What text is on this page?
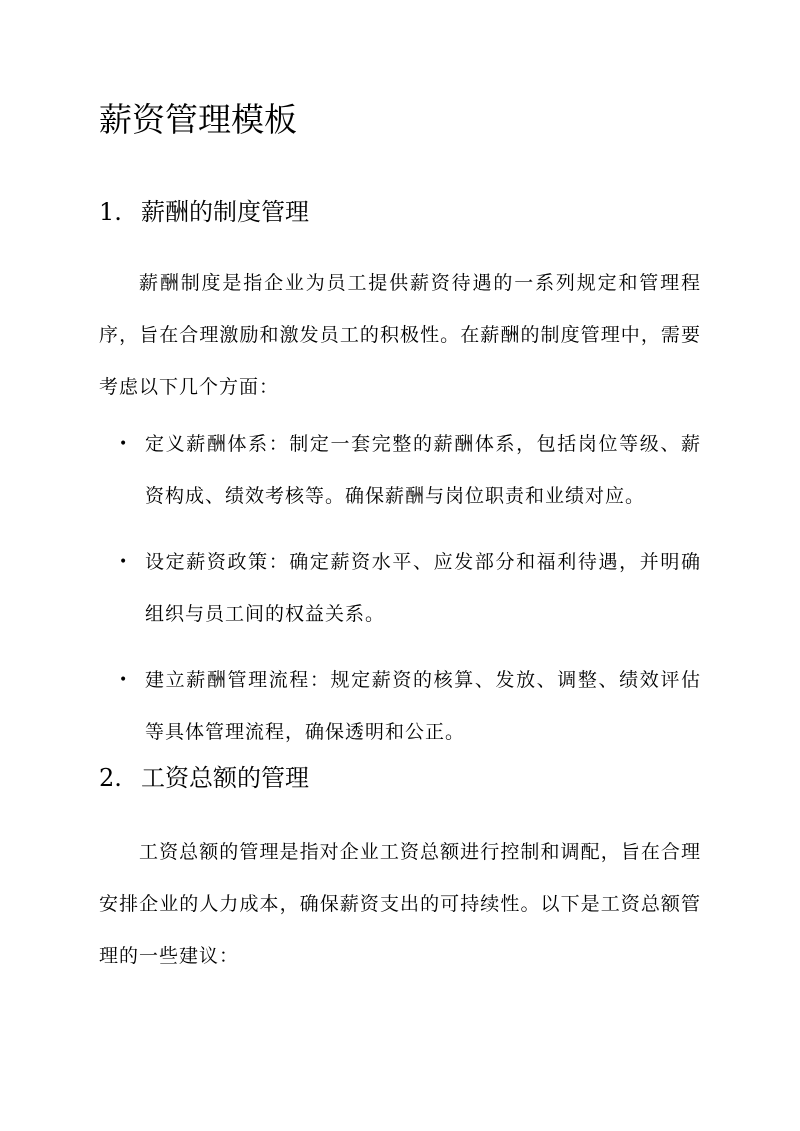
薪资管理模板
1. 薪酬的制度管理

薪酬制度是指企业为员工提供薪资待遇的一系列规定和管理程序，旨在合理激励和激发员工的积极性。在薪酬的制度管理中，需要考虑以下几个方面：

• 定义薪酬体系：制定一套完整的薪酬体系，包括岗位等级、薪资构成、绩效考核等。确保薪酬与岗位职责和业绩对应。
• 设定薪资政策：确定薪资水平、应发部分和福利待遇，并明确组织与员工间的权益关系。
• 建立薪酬管理流程：规定薪资的核算、发放、调整、绩效评估等具体管理流程，确保透明和公正。
2. 工资总额的管理

工资总额的管理是指对企业工资总额进行控制和调配，旨在合理安排企业的人力成本，确保薪资支出的可持续性。以下是工资总额管理的一些建议：
